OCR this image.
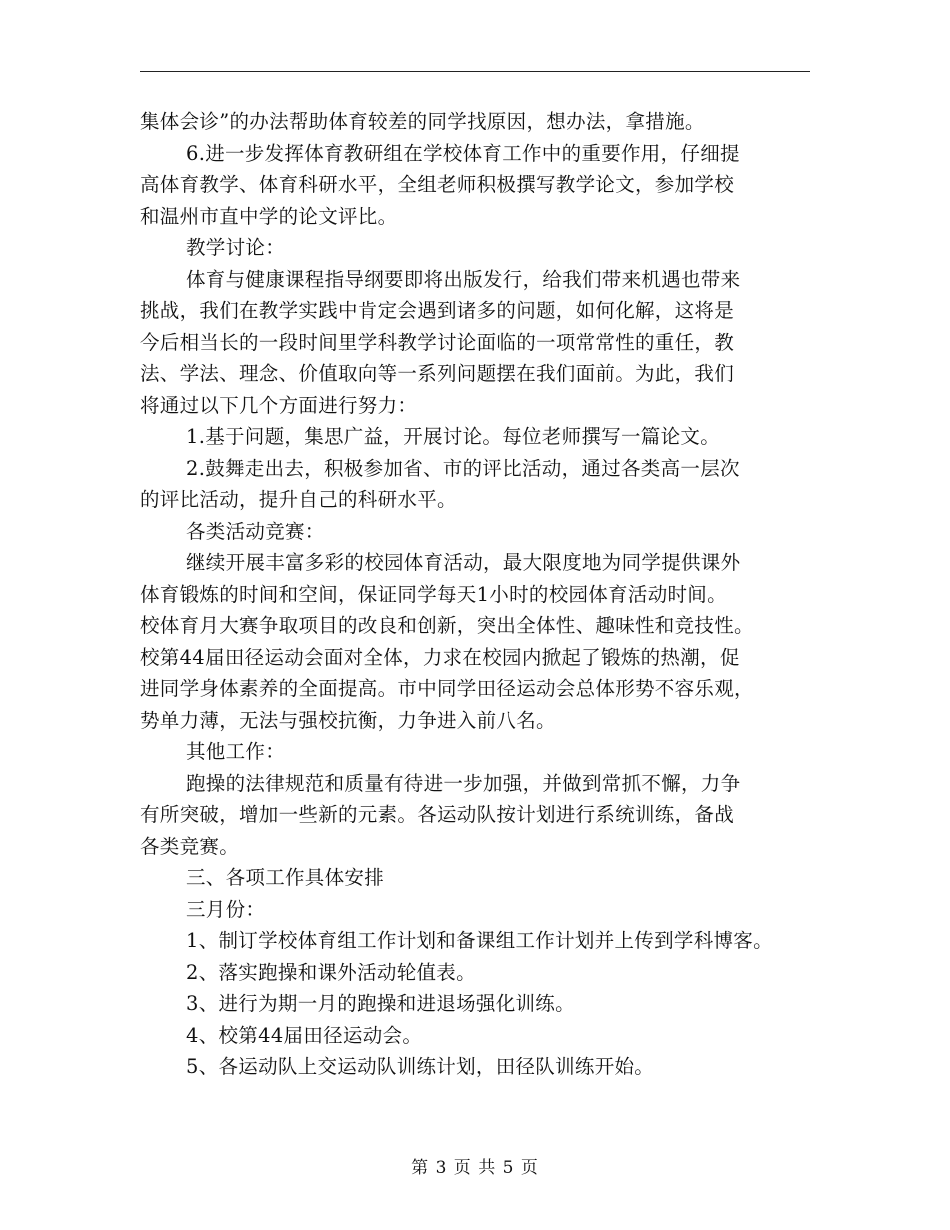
集体会诊”的办法帮助体育较差的同学找原因，想办法，拿措施。
6.进一步发挥体育教研组在学校体育工作中的重要作用，仔细提
高体育教学、体育科研水平，全组老师积极撰写教学论文，参加学校
和温州市直中学的论文评比。
教学讨论：
体育与健康课程指导纲要即将出版发行，给我们带来机遇也带来
挑战，我们在教学实践中肯定会遇到诸多的问题，如何化解，这将是
今后相当长的一段时间里学科教学讨论面临的一项常常性的重任，教
法、学法、理念、价值取向等一系列问题摆在我们面前。为此，我们
将通过以下几个方面进行努力：
1.基于问题，集思广益，开展讨论。每位老师撰写一篇论文。
2.鼓舞走出去，积极参加省、市的评比活动，通过各类高一层次
的评比活动，提升自己的科研水平。
各类活动竞赛：
继续开展丰富多彩的校园体育活动，最大限度地为同学提供课外
体育锻炼的时间和空间，保证同学每天1小时的校园体育活动时间。
校体育月大赛争取项目的改良和创新，突出全体性、趣味性和竞技性。
校第44届田径运动会面对全体，力求在校园内掀起了锻炼的热潮，促
进同学身体素养的全面提高。市中同学田径运动会总体形势不容乐观，
势单力薄，无法与强校抗衡，力争进入前八名。
其他工作：
跑操的法律规范和质量有待进一步加强，并做到常抓不懈，力争
有所突破，增加一些新的元素。各运动队按计划进行系统训练，备战
各类竞赛。
三、各项工作具体安排
三月份：
1、制订学校体育组工作计划和备课组工作计划并上传到学科博客。
2、落实跑操和课外活动轮值表。
3、进行为期一月的跑操和进退场强化训练。
4、校第44届田径运动会。
5、各运动队上交运动队训练计划，田径队训练开始。
第 3 页 共 5 页
